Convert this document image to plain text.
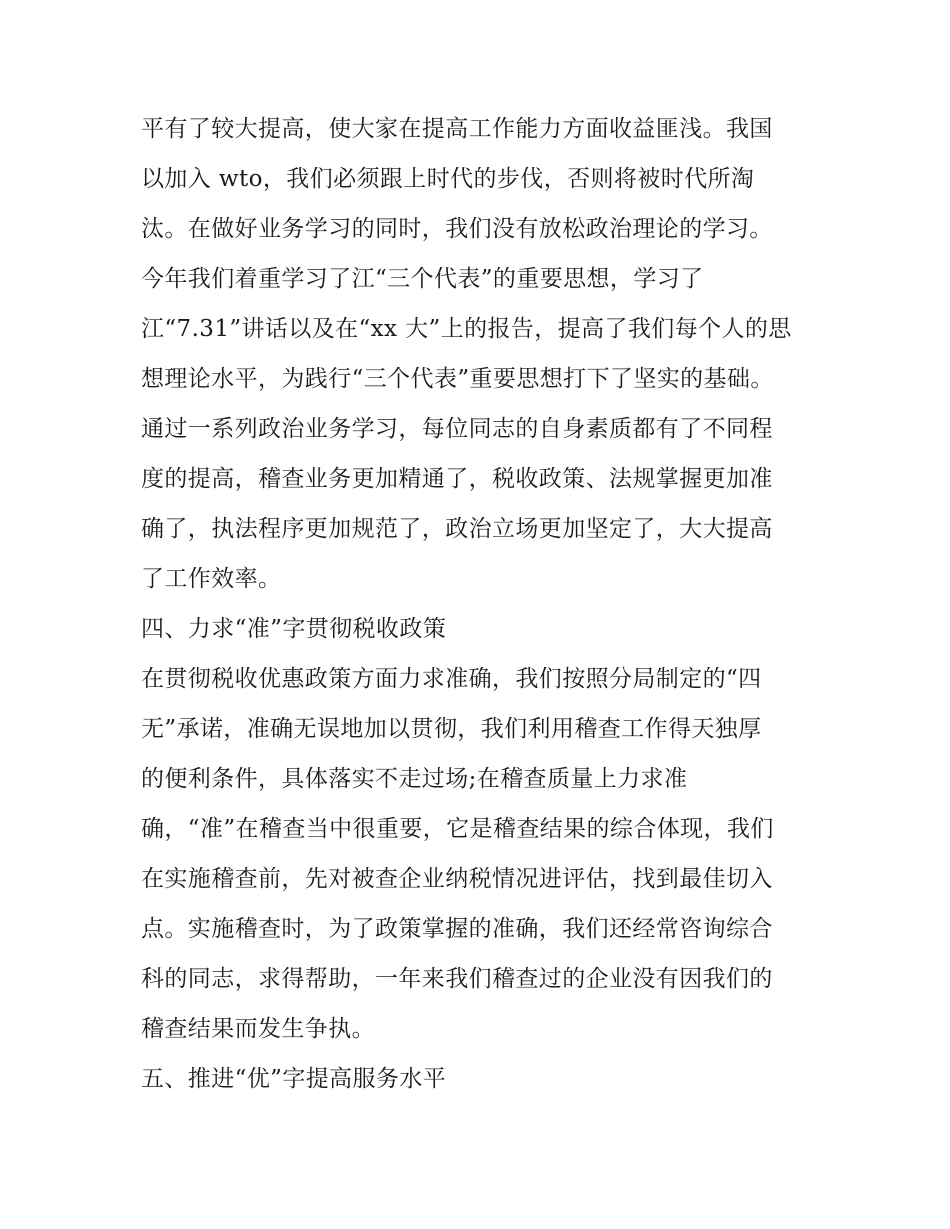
平有了较大提高，使大家在提高工作能力方面收益匪浅。我国
以加入 wto，我们必须跟上时代的步伐，否则将被时代所淘
汰。在做好业务学习的同时，我们没有放松政治理论的学习。
今年我们着重学习了江“三个代表”的重要思想，学习了
江“7.31”讲话以及在“xx 大”上的报告，提高了我们每个人的思
想理论水平，为践行“三个代表”重要思想打下了坚实的基础。
通过一系列政治业务学习，每位同志的自身素质都有了不同程
度的提高，稽查业务更加精通了，税收政策、法规掌握更加准
确了，执法程序更加规范了，政治立场更加坚定了，大大提高
了工作效率。
四、力求“准”字贯彻税收政策
在贯彻税收优惠政策方面力求准确，我们按照分局制定的“四
无”承诺，准确无误地加以贯彻，我们利用稽查工作得天独厚
的便利条件，具体落实不走过场;在稽查质量上力求准
确，“准”在稽查当中很重要，它是稽查结果的综合体现，我们
在实施稽查前，先对被查企业纳税情况进评估，找到最佳切入
点。实施稽查时，为了政策掌握的准确，我们还经常咨询综合
科的同志，求得帮助，一年来我们稽查过的企业没有因我们的
稽查结果而发生争执。
五、推进“优”字提高服务水平
